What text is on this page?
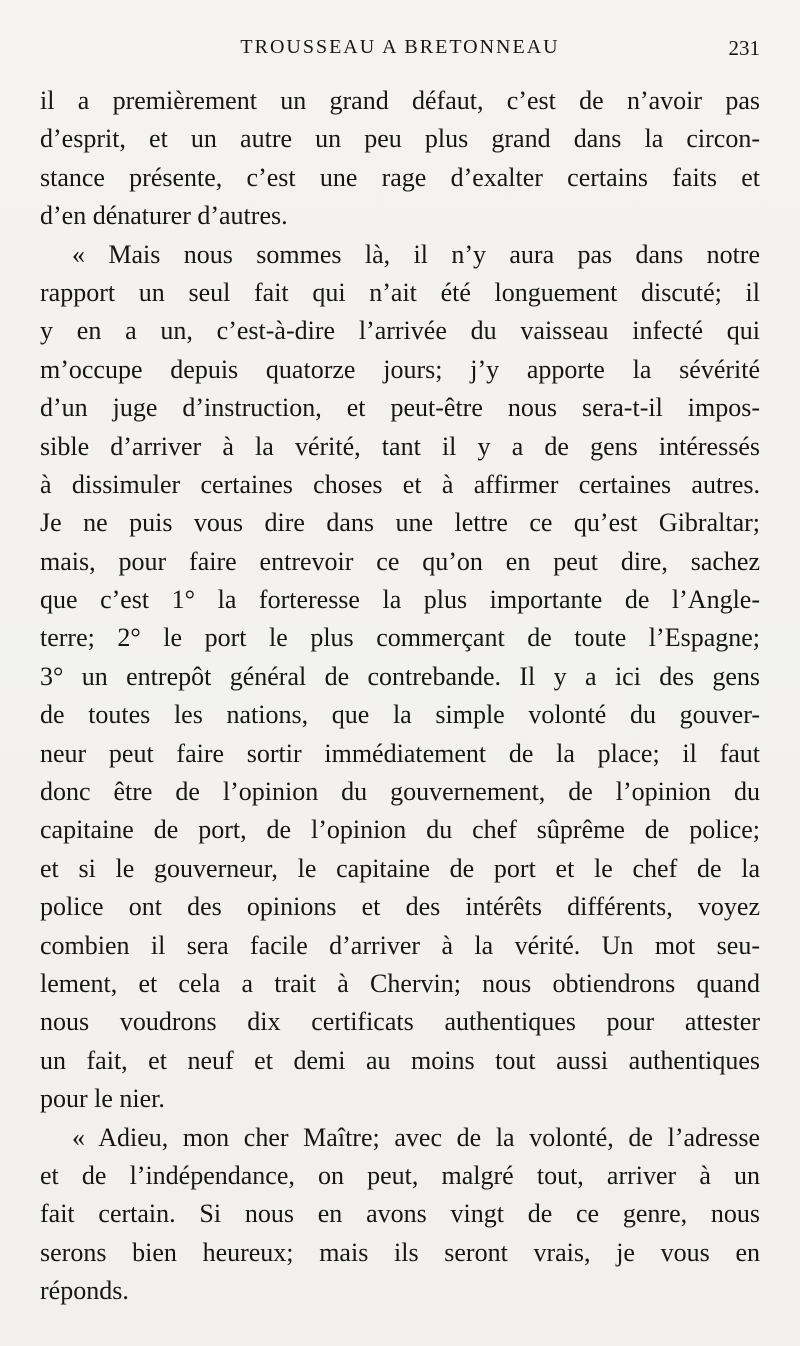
TROUSSEAU A BRETONNEAU	231
il a premièrement un grand défaut, c’est de n’avoir pas
d’esprit, et un autre un peu plus grand dans la circon-
stance présente, c’est une rage d’exalter certains faits et
d’en dénaturer d’autres.
« Mais nous sommes là, il n’y aura pas dans notre
rapport un seul fait qui n’ait été longuement discuté; il
y en a un, c’est-à-dire l’arrivée du vaisseau infecté qui
m’occupe depuis quatorze jours; j’y apporte la sévérité
d’un juge d’instruction, et peut-être nous sera-t-il impos-
sible d’arriver à la vérité, tant il y a de gens intéressés
à dissimuler certaines choses et à affirmer certaines autres.
Je ne puis vous dire dans une lettre ce qu’est Gibraltar;
mais, pour faire entrevoir ce qu’on en peut dire, sachez
que c’est 1° la forteresse la plus importante de l’Angle-
terre; 2° le port le plus commerçant de toute l’Espagne;
3° un entrepôt général de contrebande. Il y a ici des gens
de toutes les nations, que la simple volonté du gouver-
neur peut faire sortir immédiatement de la place; il faut
donc être de l’opinion du gouvernement, de l’opinion du
capitaine de port, de l’opinion du chef sûprême de police;
et si le gouverneur, le capitaine de port et le chef de la
police ont des opinions et des intérêts différents, voyez
combien il sera facile d’arriver à la vérité. Un mot seu-
lement, et cela a trait à Chervin; nous obtiendrons quand
nous voudrons dix certificats authentiques pour attester
un fait, et neuf et demi au moins tout aussi authentiques
pour le nier.
« Adieu, mon cher Maître; avec de la volonté, de l’adresse
et de l’indépendance, on peut, malgré tout, arriver à un
fait certain. Si nous en avons vingt de ce genre, nous
serons bien heureux; mais ils seront vrais, je vous en
réponds.
